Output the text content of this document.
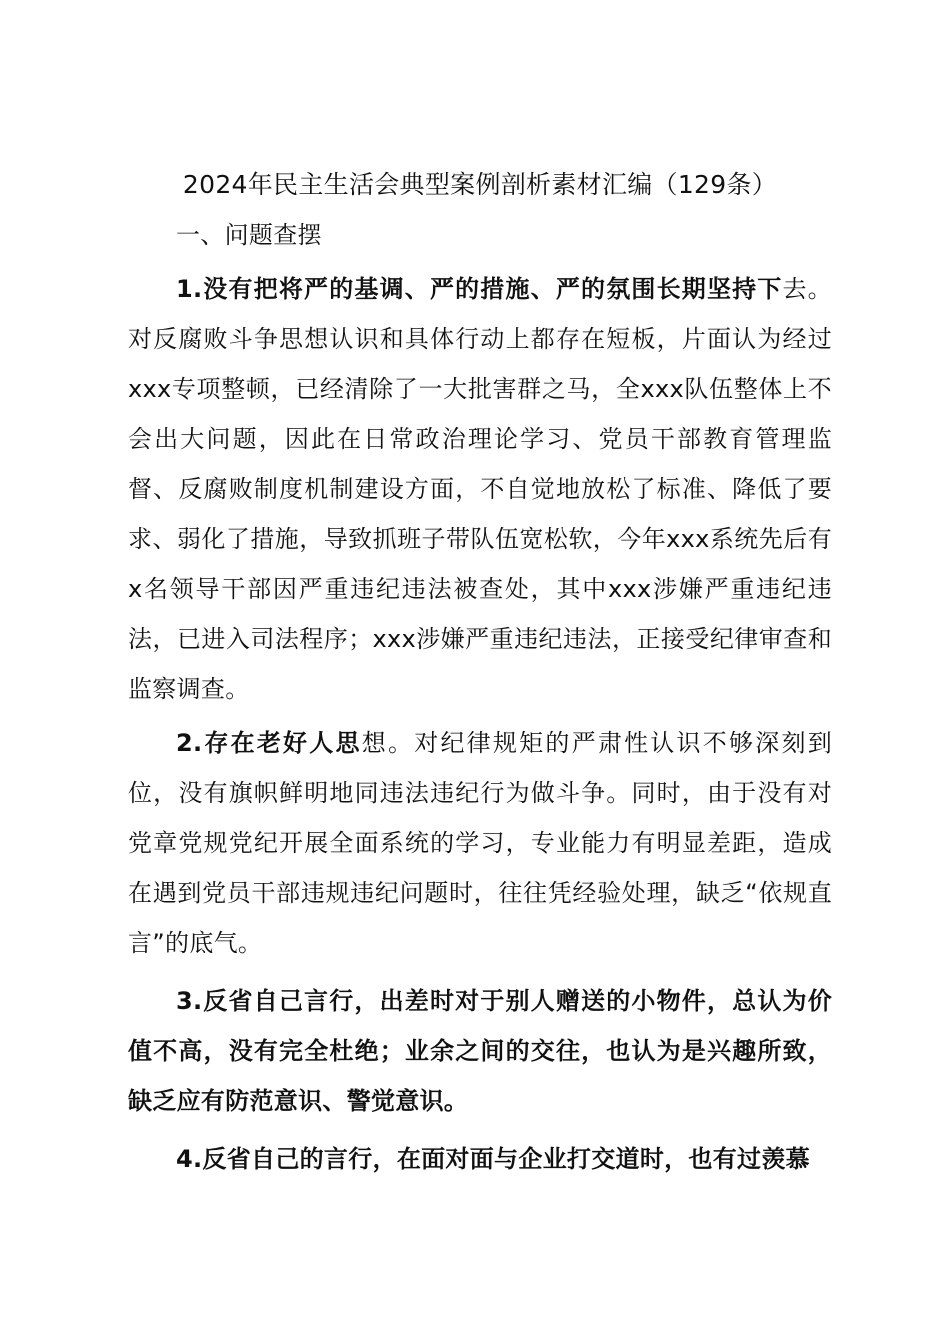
2024年民主生活会典型案例剖析素材汇编（129条）

一、问题查摆

1.没有把将严的基调、严的措施、严的氛围长期坚持下去。对反腐败斗争思想认识和具体行动上都存在短板，片面认为经过xxx专项整顿，已经清除了一大批害群之马，全xxx队伍整体上不会出大问题，因此在日常政治理论学习、党员干部教育管理监督、反腐败制度机制建设方面，不自觉地放松了标准、降低了要求、弱化了措施，导致抓班子带队伍宽松软，今年xxx系统先后有x名领导干部因严重违纪违法被查处，其中xxx涉嫌严重违纪违法，已进入司法程序；xxx涉嫌严重违纪违法，正接受纪律审查和监察调查。

2.存在老好人思想。对纪律规矩的严肃性认识不够深刻到位，没有旗帜鲜明地同违法违纪行为做斗争。同时，由于没有对党章党规党纪开展全面系统的学习，专业能力有明显差距，造成在遇到党员干部违规违纪问题时，往往凭经验处理，缺乏“依规直言”的底气。

3.反省自己言行，出差时对于别人赠送的小物件，总认为价值不高，没有完全杜绝；业余之间的交往，也认为是兴趣所致，缺乏应有防范意识、警觉意识。

4.反省自己的言行，在面对面与企业打交道时，也有过羡慕
